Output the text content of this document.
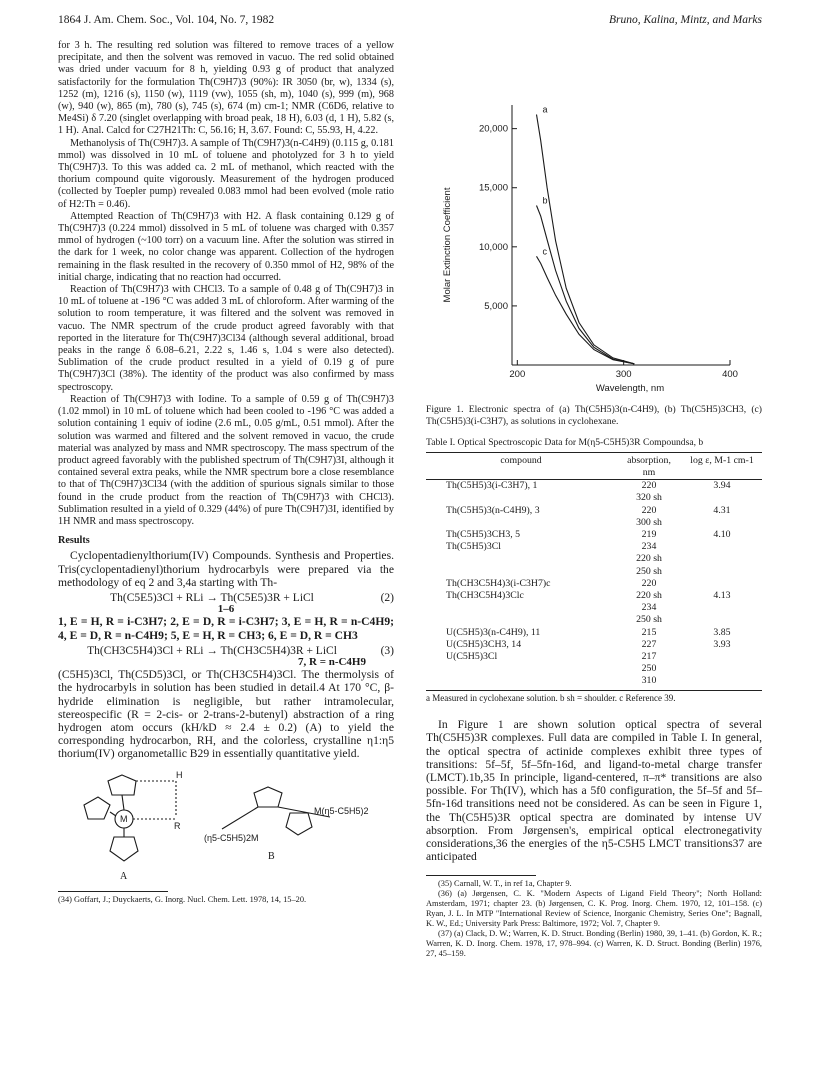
1864 J. Am. Chem. Soc., Vol. 104, No. 7, 1982	Bruno, Kalina, Mintz, and Marks

for 3 h. The resulting red solution was filtered to remove traces of a yellow precipitate, and then the solvent was removed in vacuo. The red solid obtained was dried under vacuum for 8 h, yielding 0.93 g of product that analyzed satisfactorily for the formulation Th(C9H7)3 (90%): IR 3050 (br, w), 1334 (s), 1252 (m), 1216 (s), 1150 (w), 1119 (vw), 1055 (sh, m), 1040 (s), 999 (m), 968 (w), 940 (w), 865 (m), 780 (s), 745 (s), 674 (m) cm-1; NMR (C6D6, relative to Me4Si) δ 7.20 (singlet overlapping with broad peak, 18 H), 6.03 (d, 1 H), 5.82 (s, 1 H). Anal. Calcd for C27H21Th: C, 56.16; H, 3.67. Found: C, 55.93, H, 4.22.

Methanolysis of Th(C9H7)3. A sample of Th(C9H7)3(n-C4H9) (0.115 g, 0.181 mmol) was dissolved in 10 mL of toluene and photolyzed for 3 h to yield Th(C9H7)3. To this was added ca. 2 mL of methanol, which reacted with the thorium compound quite vigorously. Measurement of the hydrogen produced (collected by Toepler pump) revealed 0.083 mmol had been evolved (mole ratio of H2:Th = 0.46).

Attempted Reaction of Th(C9H7)3 with H2. A flask containing 0.129 g of Th(C9H7)3 (0.224 mmol) dissolved in 5 mL of toluene was charged with 0.357 mmol of hydrogen (~100 torr) on a vacuum line. After the solution was stirred in the dark for 1 week, no color change was apparent. Collection of the hydrogen remaining in the flask resulted in the recovery of 0.350 mmol of H2, 98% of the initial charge, indicating that no reaction had occurred.

Reaction of Th(C9H7)3 with CHCl3. To a sample of 0.48 g of Th(C9H7)3 in 10 mL of toluene at -196 °C was added 3 mL of chloroform. After warming of the solution to room temperature, it was filtered and the solvent was removed in vacuo. The NMR spectrum of the crude product agreed favorably with that reported in the literature for Th(C9H7)3Cl34 (although several additional, broad peaks in the range δ 6.08–6.21, 2.22 s, 1.46 s, 1.04 s were also detected). Sublimation of the crude product resulted in a yield of 0.19 g of pure Th(C9H7)3Cl (38%). The identity of the product was also confirmed by mass spectroscopy.

Reaction of Th(C9H7)3 with Iodine. To a sample of 0.59 g of Th(C9H7)3 (1.02 mmol) in 10 mL of toluene which had been cooled to -196 °C was added a solution containing 1 equiv of iodine (2.6 mL, 0.05 g/mL, 0.51 mmol). After the solution was warmed and filtered and the solvent removed in vacuo, the crude material was analyzed by mass and NMR spectroscopy. The mass spectrum of the product agreed favorably with the published spectrum of Th(C9H7)3I, although it contained several extra peaks, while the NMR spectrum bore a close resemblance to that of Th(C9H7)3Cl34 (with the addition of spurious signals similar to those found in the crude product from the reaction of Th(C9H7)3 with CHCl3). Sublimation resulted in a yield of 0.329 (44%) of pure Th(C9H7)3I, identified by 1H NMR and mass spectroscopy.

Results

Cyclopentadienylthorium(IV) Compounds. Synthesis and Properties. Tris(cyclopentadienyl)thorium hydrocarbyls were prepared via the methodology of eq 2 and 3,4a starting with Th-

Th(C5E5)3Cl + RLi → Th(C5E5)3R + LiCl	(2)
1–6

1, E = H, R = i-C3H7; 2, E = D, R = i-C3H7; 3, E = H, R = n-C4H9; 4, E = D, R = n-C4H9; 5, E = H, R = CH3; 6, E = D, R = CH3

Th(CH3C5H4)3Cl + RLi → Th(CH3C5H4)3R + LiCl	(3)
7, R = n-C4H9

(C5H5)3Cl, Th(C5D5)3Cl, or Th(CH3C5H4)3Cl. The thermolysis of the hydrocarbyls in solution has been studied in detail.4 At 170 °C, β-hydride elimination is negligible, but rather intramolecular, stereospecific (R = 2-cis- or 2-trans-2-butenyl) abstraction of a ring hydrogen atom occurs (kH/kD ≈ 2.4 ± 0.2) (A) to yield the corresponding hydrocarbon, RH, and the colorless, crystalline η1:η5 thorium(IV) organometallic B29 in essentially quantitative yield.

M
H
R
(η5-C5H5)2M
M(η5-C5H5)2
B
A

(34) Goffart, J.; Duyckaerts, G. Inorg. Nucl. Chem. Lett. 1978, 14, 15–20.

200	300	400
5,000
10,000
15,000
20,000
a
b
c
Molar Extinction Coefficient
Wavelength, nm

Figure 1. Electronic spectra of (a) Th(C5H5)3(n-C4H9), (b) Th(C5H5)3CH3, (c) Th(C5H5)3(i-C3H7), as solutions in cyclohexane.

Table I. Optical Spectroscopic Data for M(η5-C5H5)3R Compoundsa, b

compound	absorption, nm	log ε, M-1 cm-1

Th(C5H5)3(i-C3H7), 1	220	3.94
	320 sh	
Th(C5H5)3(n-C4H9), 3	220	4.31
	300 sh	
Th(C5H5)3CH3, 5	219	4.10
Th(C5H5)3Cl	234	
	220 sh	
	250 sh	
Th(CH3C5H4)3(i-C3H7)c	220	
Th(CH3C5H4)3Clc	220 sh	4.13
	234	
	250 sh	
U(C5H5)3(n-C4H9), 11	215	3.85
U(C5H5)3CH3, 14	227	3.93
U(C5H5)3Cl	217	
	250	
	310	

a Measured in cyclohexane solution. b sh = shoulder. c Reference 39.

In Figure 1 are shown solution optical spectra of several Th(C5H5)3R complexes. Full data are compiled in Table I. In general, the optical spectra of actinide complexes exhibit three types of transitions: 5f–5f, 5f–5fn-16d, and ligand-to-metal charge transfer (LMCT).1b,35 In principle, ligand-centered, π–π* transitions are also possible. For Th(IV), which has a 5f0 configuration, the 5f–5f and 5f–5fn-16d transitions need not be considered. As can be seen in Figure 1, the Th(C5H5)3R optical spectra are dominated by intense UV absorption. From Jørgensen's, empirical optical electronegativity considerations,36 the energies of the η5-C5H5 LMCT transitions37 are anticipated

(35) Carnall, W. T., in ref 1a, Chapter 9.

(36) (a) Jørgensen, C. K. "Modern Aspects of Ligand Field Theory"; North Holland: Amsterdam, 1971; chapter 23. (b) Jørgensen, C. K. Prog. Inorg. Chem. 1970, 12, 101–158. (c) Ryan, J. L. In MTP "International Review of Science, Inorganic Chemistry, Series One"; Bagnall, K. W., Ed.; University Park Press: Baltimore, 1972; Vol. 7, Chapter 9.

(37) (a) Clack, D. W.; Warren, K. D. Struct. Bonding (Berlin) 1980, 39, 1–41. (b) Gordon, K. R.; Warren, K. D. Inorg. Chem. 1978, 17, 978–994. (c) Warren, K. D. Struct. Bonding (Berlin) 1976, 27, 45–159.
